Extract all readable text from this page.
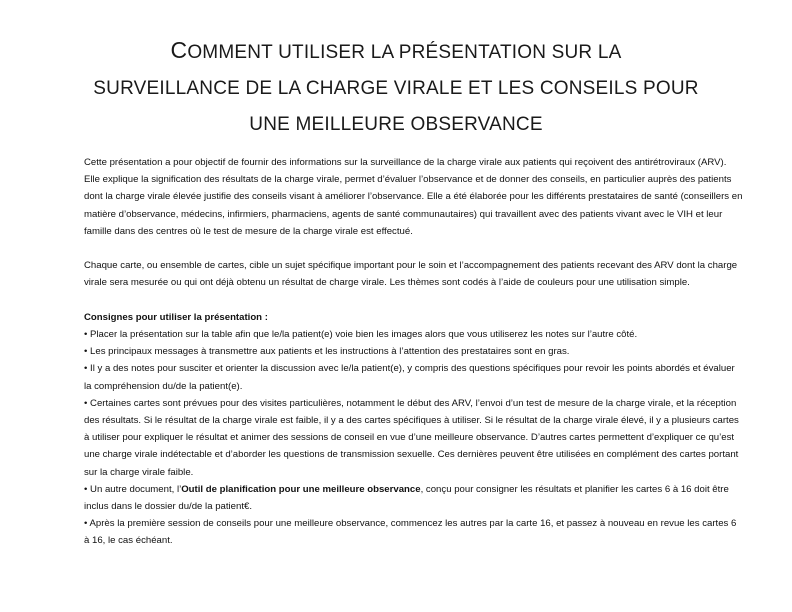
COMMENT UTILISER LA PRÉSENTATION SUR LA
SURVEILLANCE DE LA CHARGE VIRALE ET LES CONSEILS POUR
UNE MEILLEURE OBSERVANCE

Cette présentation a pour objectif de fournir des informations sur la surveillance de la charge virale aux patients qui reçoivent des antirétroviraux (ARV). Elle explique la signification des résultats de la charge virale, permet d’évaluer l’observance et de donner des conseils, en particulier auprès des patients dont la charge virale élevée justifie des conseils visant à améliorer l’observance. Elle a été élaborée pour les différents prestataires de santé (conseillers en matière d’observance, médecins, infirmiers, pharmaciens, agents de santé communautaires) qui travaillent avec des patients vivant avec le VIH et leur famille dans des centres où le test de mesure de la charge virale est effectué.

Chaque carte, ou ensemble de cartes, cible un sujet spécifique important pour le soin et l’accompagnement des patients recevant des ARV dont la charge virale sera mesurée ou qui ont déjà obtenu un résultat de charge virale. Les thèmes sont codés à l’aide de couleurs pour une utilisation simple.

Consignes pour utiliser la présentation :

• Placer la présentation sur la table afin que le/la patient(e) voie bien les images alors que vous utiliserez les notes sur l’autre côté.

• Les principaux messages à transmettre aux patients et les instructions à l’attention des prestataires sont en gras.

• Il y a des notes pour susciter et orienter la discussion avec le/la patient(e), y compris des questions spécifiques pour revoir les points abordés et évaluer la compréhension du/de la patient(e).

• Certaines cartes sont prévues pour des visites particulières, notamment le début des ARV, l’envoi d’un test de mesure de la charge virale, et la réception des résultats. Si le résultat de la charge virale est faible, il y a des cartes spécifiques à utiliser. Si le résultat de la charge virale élevé, il y a plusieurs cartes à utiliser pour expliquer le résultat et animer des sessions de conseil en vue d’une meilleure observance. D’autres cartes permettent d’expliquer ce qu’est une charge virale indétectable et d’aborder les questions de transmission sexuelle. Ces dernières peuvent être utilisées en complément des cartes portant sur la charge virale faible.

• Un autre document, l’Outil de planification pour une meilleure observance, conçu pour consigner les résultats et planifier les cartes 6 à 16 doit être inclus dans le dossier du/de la patient€.

• Après la première session de conseils pour une meilleure observance, commencez les autres par la carte 16, et passez à nouveau en revue les cartes 6 à 16, le cas échéant.
